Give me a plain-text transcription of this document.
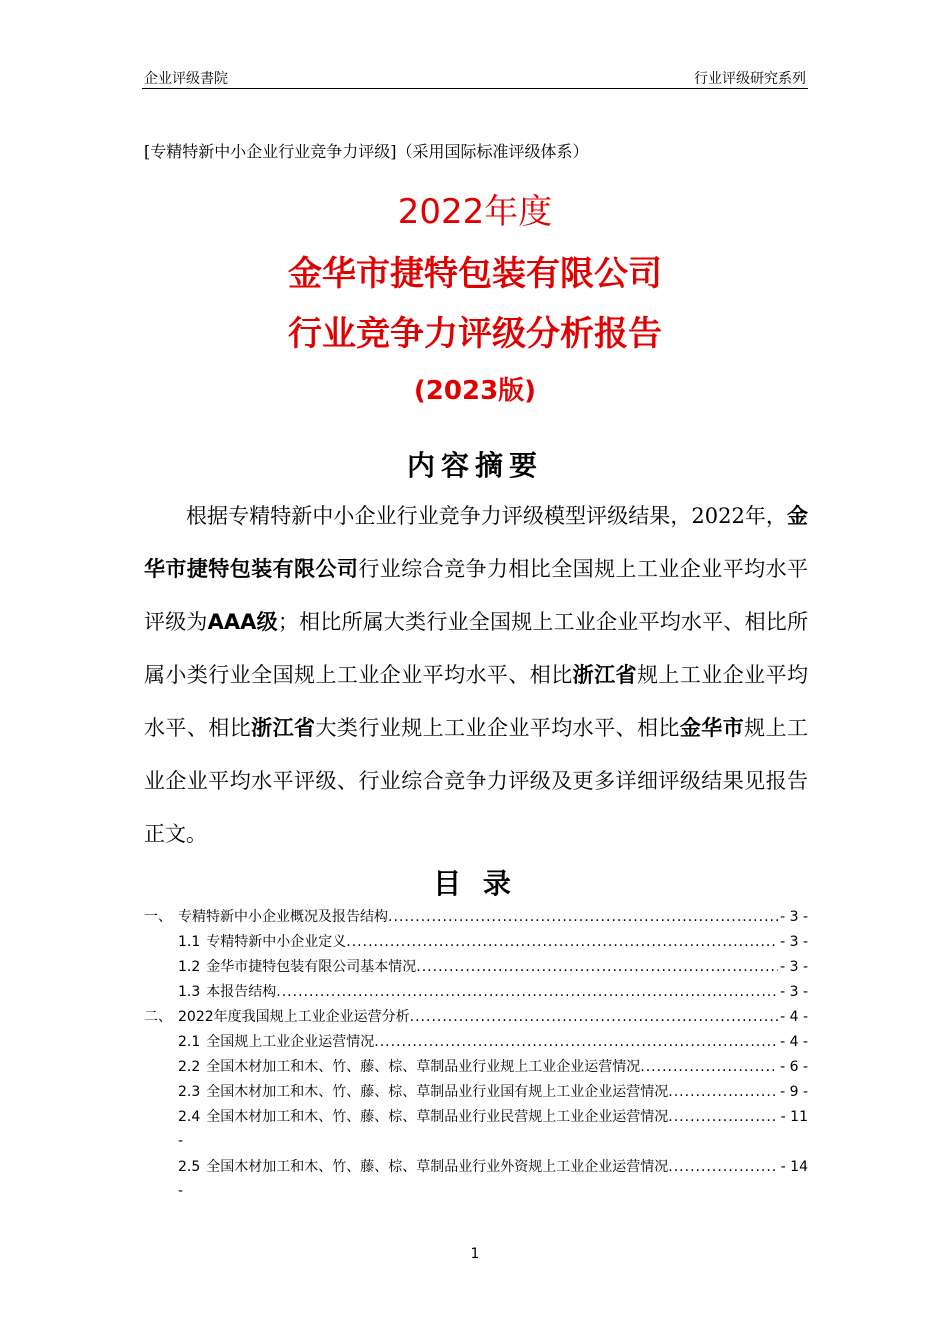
企业评级書院	行业评级研究系列
[专精特新中小企业行业竞争力评级]（采用国际标准评级体系）
2022年度
金华市捷特包装有限公司
行业竞争力评级分析报告
(2023版)
内容摘要

根据专精特新中小企业行业竞争力评级模型评级结果，2022年，金华市捷特包装有限公司行业综合竞争力相比全国规上工业企业平均水平评级为AAA级；相比所属大类行业全国规上工业企业平均水平、相比所属小类行业全国规上工业企业平均水平、相比浙江省规上工业企业平均水平、相比浙江省大类行业规上工业企业平均水平、相比金华市规上工业企业平均水平评级、行业综合竞争力评级及更多详细评级结果见报告正文。

目 录
一、 专精特新中小企业概况及报告结构 .....	- 3 -
1.1 专精特新中小企业定义 .....	- 3 -
1.2 金华市捷特包装有限公司基本情况 .....	- 3 -
1.3 本报告结构 .....	- 3 -
二、 2022年度我国规上工业企业运营分析 .....	- 4 -
2.1 全国规上工业企业运营情况 .....	- 4 -
2.2 全国木材加工和木、竹、藤、棕、草制品业行业规上工业企业运营情况 .....	- 6 -
2.3 全国木材加工和木、竹、藤、棕、草制品业行业国有规上工业企业运营情况 .....	- 9 -
2.4 全国木材加工和木、竹、藤、棕、草制品业行业民营规上工业企业运营情况 .....	. - 11
-
2.5 全国木材加工和木、竹、藤、棕、草制品业行业外资规上工业企业运营情况 .....	. - 14
-
1
